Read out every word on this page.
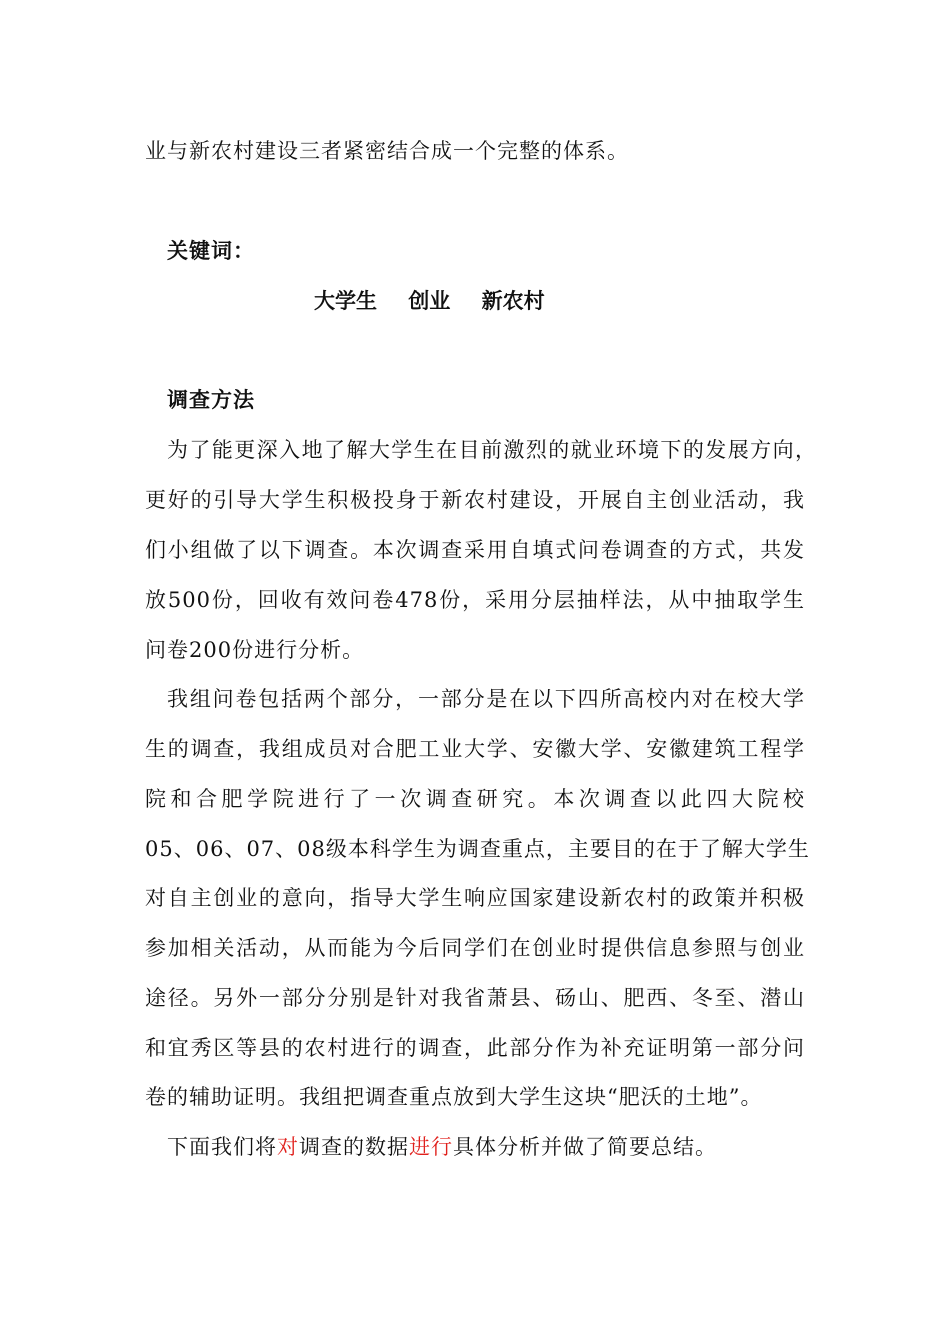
业与新农村建设三者紧密结合成一个完整的体系。
关键词：
大学生 创业 新农村
调查方法
为了能更深入地了解大学生在目前激烈的就业环境下的发展方向，
更好的引导大学生积极投身于新农村建设，开展自主创业活动，我
们小组做了以下调查。本次调查采用自填式问卷调查的方式，共发
放500份，回收有效问卷478份，采用分层抽样法，从中抽取学生
问卷200份进行分析。
我组问卷包括两个部分，一部分是在以下四所高校内对在校大学
生的调查，我组成员对合肥工业大学、安徽大学、安徽建筑工程学
院和合肥学院进行了一次调查研究。本次调查以此四大院校
05、06、07、08级本科学生为调查重点，主要目的在于了解大学生
对自主创业的意向，指导大学生响应国家建设新农村的政策并积极
参加相关活动，从而能为今后同学们在创业时提供信息参照与创业
途径。另外一部分分别是针对我省萧县、砀山、肥西、冬至、潜山
和宜秀区等县的农村进行的调查，此部分作为补充证明第一部分问
卷的辅助证明。我组把调查重点放到大学生这块“肥沃的土地”。
下面我们将对调查的数据进行具体分析并做了简要总结。
